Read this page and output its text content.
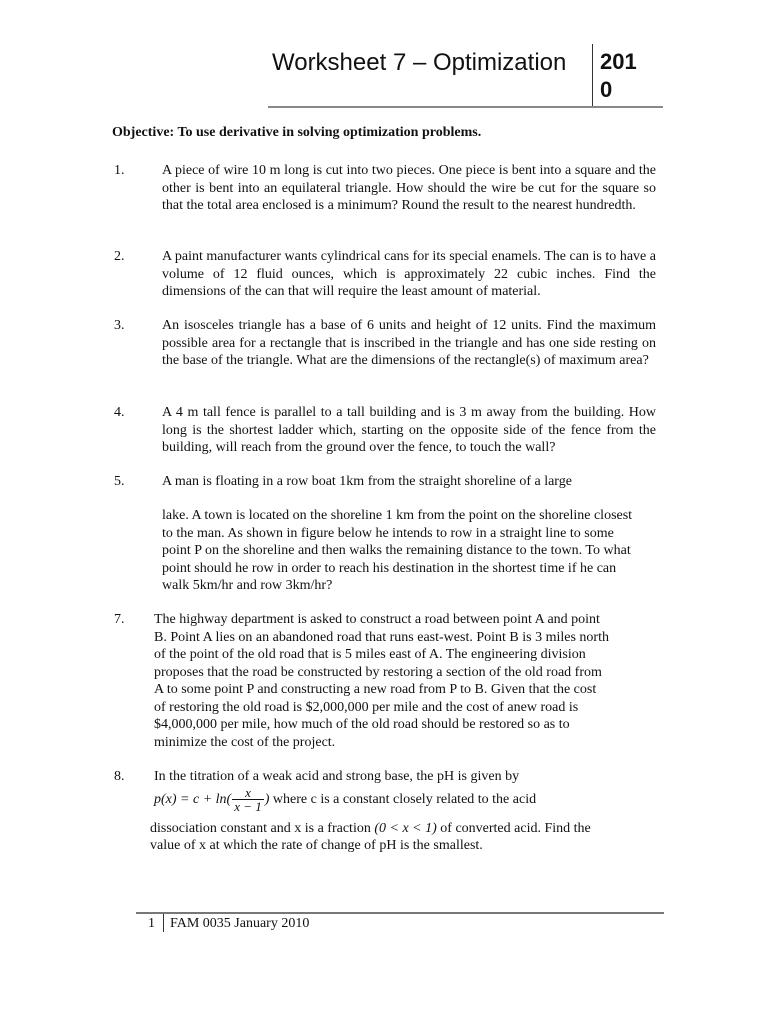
Worksheet 7 – Optimization	201
0
Objective: To use derivative in solving optimization problems.
1.	A piece of wire 10 m long is cut into two pieces. One piece is bent into a square and the other is bent into an equilateral triangle. How should the wire be cut for the square so that the total area enclosed is a minimum? Round the result to the nearest hundredth.
2.	A paint manufacturer wants cylindrical cans for its special enamels. The can is to have a volume of 12 fluid ounces, which is approximately 22 cubic inches. Find the dimensions of the can that will require the least amount of material.
3.	An isosceles triangle has a base of 6 units and height of 12 units. Find the maximum possible area for a rectangle that is inscribed in the triangle and has one side resting on the base of the triangle. What are the dimensions of the rectangle(s) of maximum area?
4.	A 4 m tall fence is parallel to a tall building and is 3 m away from the building. How long is the shortest ladder which, starting on the opposite side of the fence from the building, will reach from the ground over the fence, to touch the wall?
5.	A man is floating in a row boat 1km from the straight shoreline of a large
lake. A town is located on the shoreline 1 km from the point on the shoreline closest to the man. As shown in figure below he intends to row in a straight line to some point P on the shoreline and then walks the remaining distance to the town. To what point should he row in order to reach his destination in the shortest time if he can walk 5km/hr and row 3km/hr?
7. The highway department is asked to construct a road between point A and point B. Point A lies on an abandoned road that runs east-west. Point B is 3 miles north of the point of the old road that is 5 miles east of A. The engineering division proposes that the road be constructed by restoring a section of the old road from A to some point P and constructing a new road from P to B. Given that the cost of restoring the old road is $2,000,000 per mile and the cost of anew road is $4,000,000 per mile, how much of the old road should be restored so as to minimize the cost of the project.
8. In the titration of a weak acid and strong base, the pH is given by
$p(x) = c + \ln( \frac{x}{x - 1}$ ) where c is a constant closely related to the acid
dissociation constant and x is a fraction (0 < x < 1) of converted acid. Find the
value of x at which the rate of change of pH is the smallest.
1 FAM 0035 January 2010
